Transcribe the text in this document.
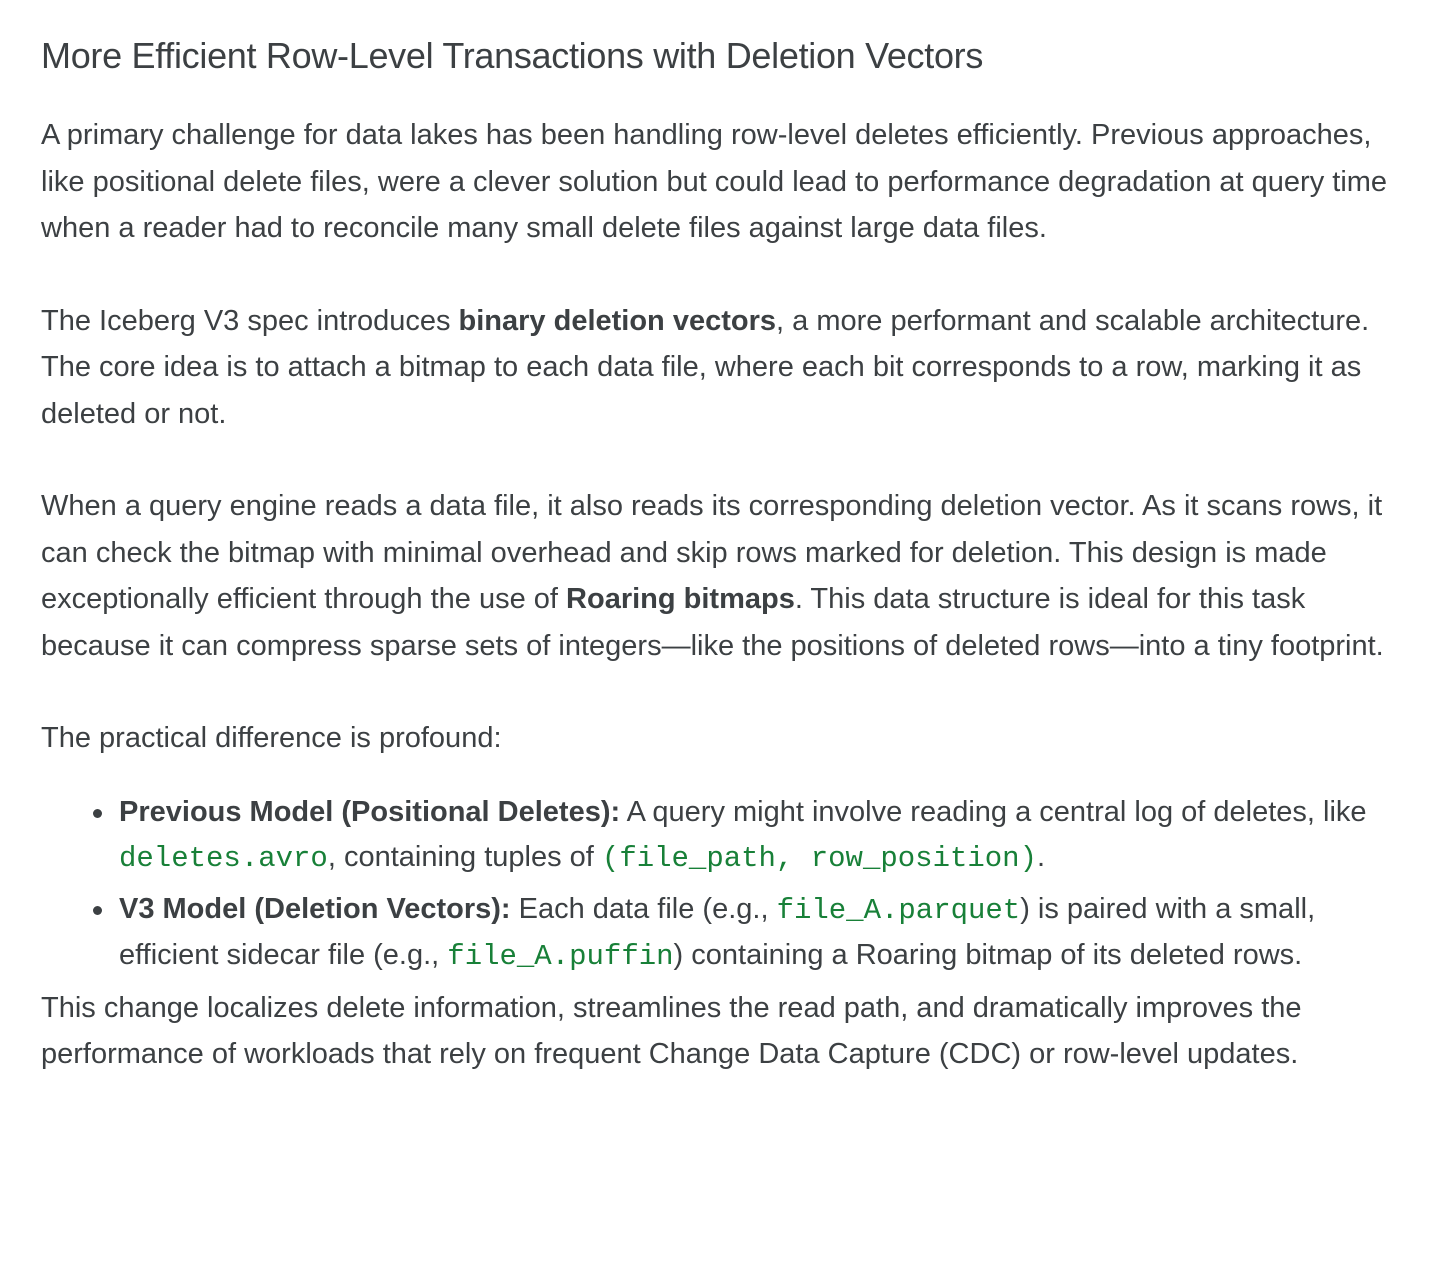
More Efficient Row-Level Transactions with Deletion Vectors

A primary challenge for data lakes has been handling row-level deletes efficiently. Previous approaches, like positional delete files, were a clever solution but could lead to performance degradation at query time when a reader had to reconcile many small delete files against large data files.

The Iceberg V3 spec introduces binary deletion vectors, a more performant and scalable architecture. The core idea is to attach a bitmap to each data file, where each bit corresponds to a row, marking it as deleted or not.

When a query engine reads a data file, it also reads its corresponding deletion vector. As it scans rows, it can check the bitmap with minimal overhead and skip rows marked for deletion. This design is made exceptionally efficient through the use of Roaring bitmaps. This data structure is ideal for this task because it can compress sparse sets of integers—like the positions of deleted rows—into a tiny footprint.

The practical difference is profound:

Previous Model (Positional Deletes): A query might involve reading a central log of deletes, like deletes.avro, containing tuples of (file_path, row_position).
V3 Model (Deletion Vectors): Each data file (e.g., file_A.parquet) is paired with a small, efficient sidecar file (e.g., file_A.puffin) containing a Roaring bitmap of its deleted rows.

This change localizes delete information, streamlines the read path, and dramatically improves the performance of workloads that rely on frequent Change Data Capture (CDC) or row-level updates.
